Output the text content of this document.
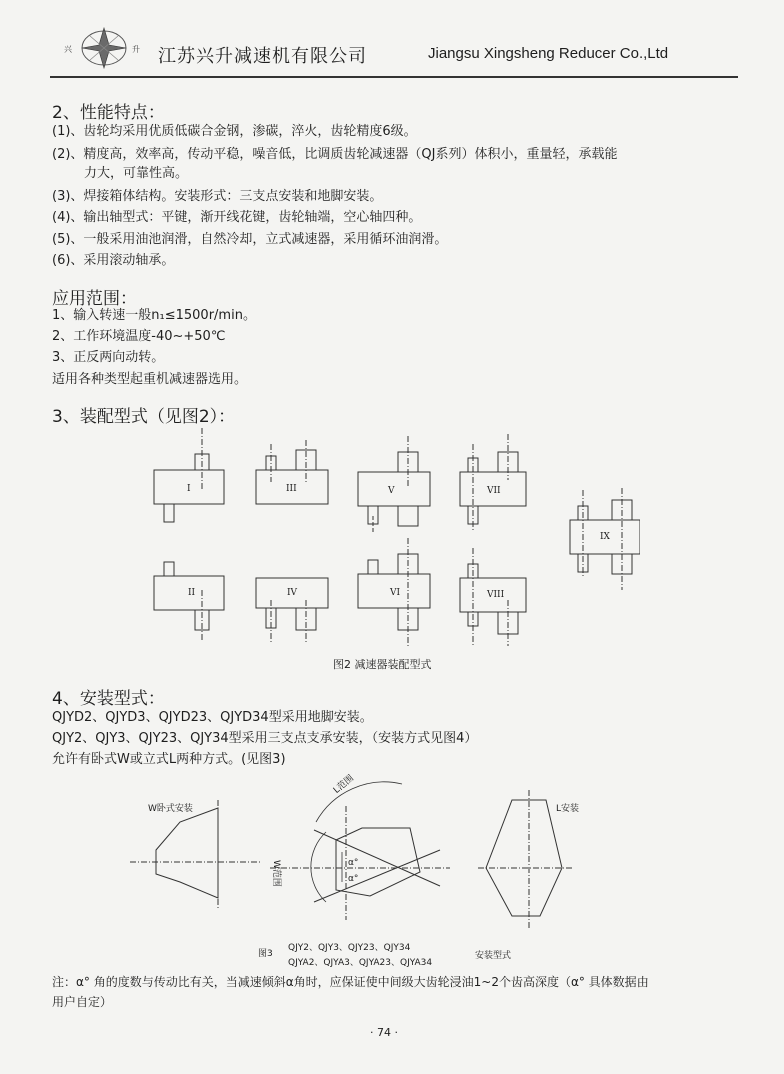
兴	升 江苏兴升减速机有限公司	Jiangsu Xingsheng Reducer Co.,Ltd
2、性能特点：
(1)、齿轮均采用优质低碳合金钢，渗碳，淬火，齿轮精度6级。
(2)、精度高，效率高，传动平稳，噪音低，比调质齿轮减速器（QJ系列）体积小，重量轻，承载能
力大，可靠性高。
(3)、焊接箱体结构。安装形式：三支点安装和地脚安装。
(4)、输出轴型式：平键，渐开线花键，齿轮轴端，空心轴四种。
(5)、一般采用油池润滑，自然冷却，立式减速器，采用循环油润滑。
(6)、采用滚动轴承。
应用范围：
1、输入转速一般n₁≤1500r/min。
2、工作环境温度-40~+50℃
3、正反两向动转。
适用各种类型起重机减速器选用。
3、装配型式（见图2）：
I	III	V	VII
IX
II	IV	VI	VIII
图2 减速器装配型式
4、安装型式：
QJYD2、QJYD3、QJYD23、QJYD34型采用地脚安装。
QJY2、QJY3、QJY23、QJY34型采用三支点支承安装，（安装方式见图4）
允许有卧式W或立式L两种方式。(见图3)
W卧式安装	L安装
L范围
W范围	α°
α°
图3
QJY2、QJY3、QJY23、QJY34
QJYA2、QJYA3、QJYA23、QJYA34
安装型式
注：α° 角的度数与传动比有关，当减速倾斜α角时，应保证使中间级大齿轮浸油1~2个齿高深度（α° 具体数据由
用户自定）
· 74 ·
